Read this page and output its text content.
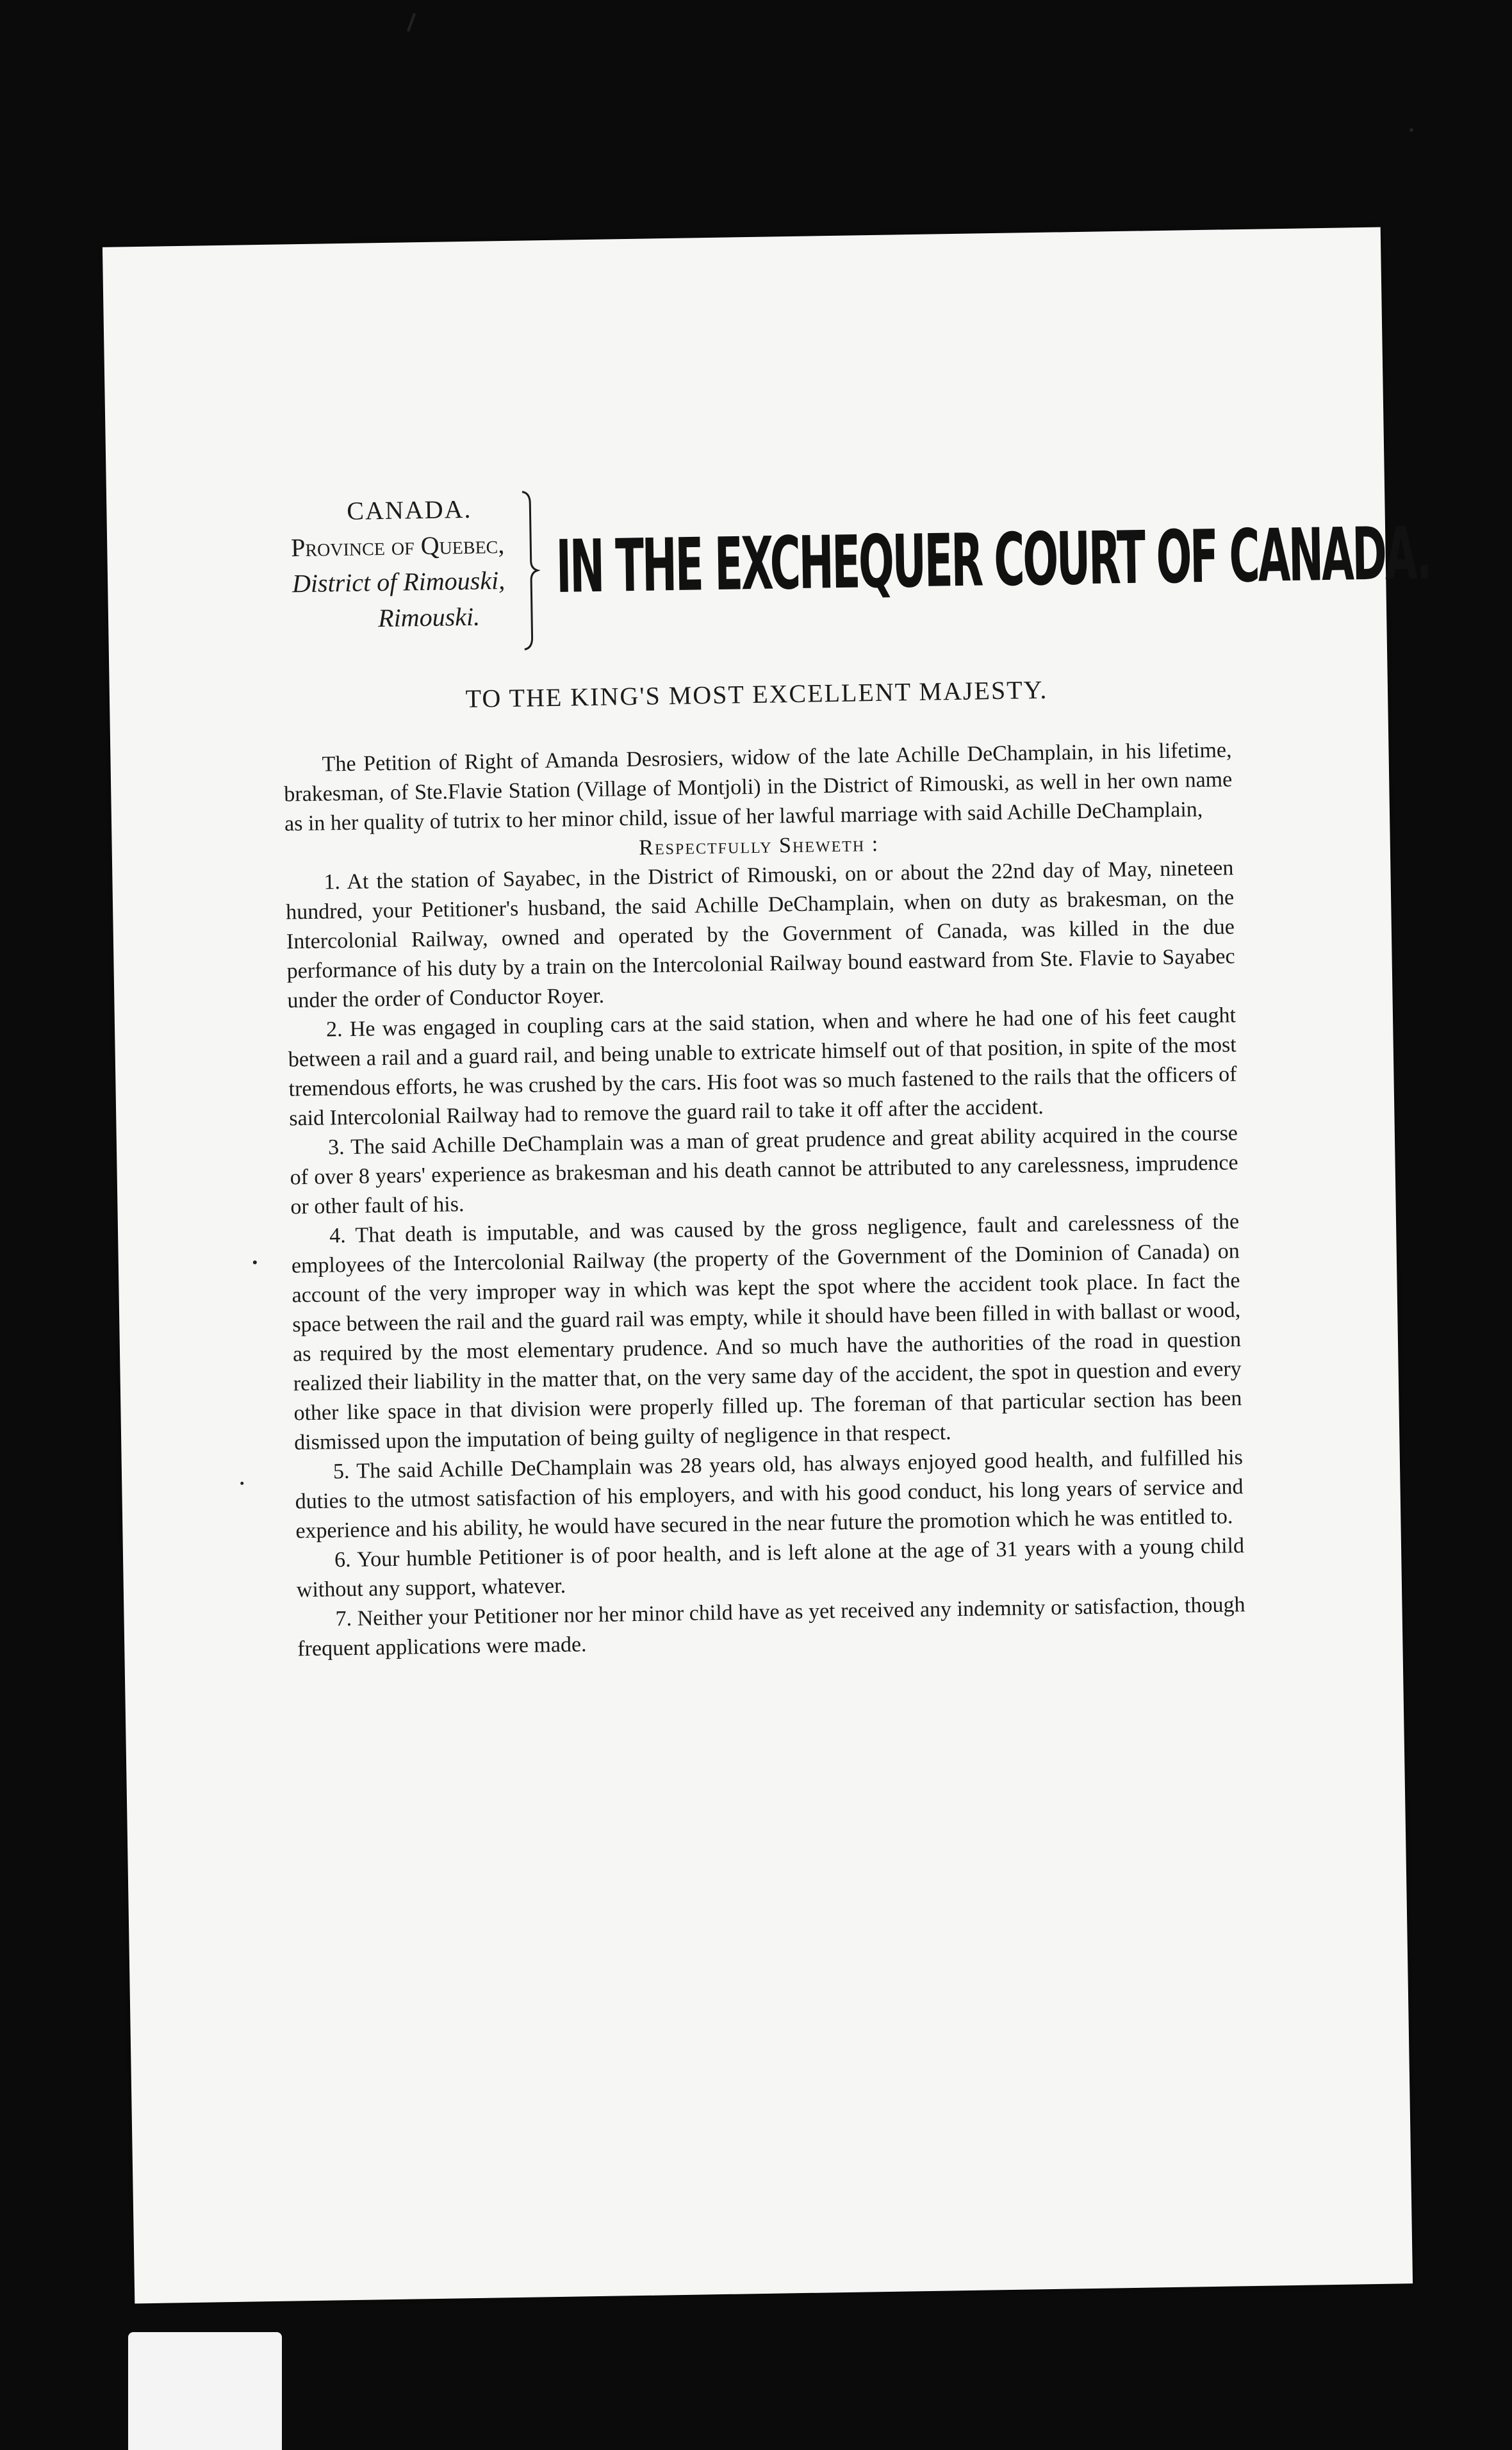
CANADA.
Province of Quebec,
District of Rimouski,
Rimouski.
IN THE EXCHEQUER COURT OF CANADA.
TO THE KING'S MOST EXCELLENT MAJESTY.

The Petition of Right of Amanda Desrosiers, widow of the late Achille DeChamplain, in his lifetime, brakesman, of Ste.Flavie Station (Village of Montjoli) in the District of Rimouski, as well in her own name as in her quality of tutrix to her minor child, issue of her lawful marriage with said Achille DeChamplain,

Respectfully Sheweth :

1. At the station of Sayabec, in the District of Rimouski, on or about the 22nd day of May, nineteen hundred, your Petitioner's husband, the said Achille DeChamplain, when on duty as brakesman, on the Intercolonial Railway, owned and operated by the Government of Canada, was killed in the due performance of his duty by a train on the Intercolonial Railway bound eastward from Ste. Flavie to Sayabec under the order of Conductor Royer.

2. He was engaged in coupling cars at the said station, when and where he had one of his feet caught between a rail and a guard rail, and being unable to extricate himself out of that position, in spite of the most tremendous efforts, he was crushed by the cars. His foot was so much fastened to the rails that the officers of said Intercolonial Railway had to remove the guard rail to take it off after the accident.

3. The said Achille DeChamplain was a man of great prudence and great ability acquired in the course of over 8 years' experience as brakesman and his death cannot be attributed to any carelessness, imprudence or other fault of his.

4. That death is imputable, and was caused by the gross negligence, fault and carelessness of the employees of the Intercolonial Railway (the property of the Government of the Dominion of Canada) on account of the very improper way in which was kept the spot where the accident took place. In fact the space between the rail and the guard rail was empty, while it should have been filled in with ballast or wood, as required by the most elementary prudence. And so much have the authorities of the road in question realized their liability in the matter that, on the very same day of the accident, the spot in question and every other like space in that division were properly filled up. The foreman of that particular section has been dismissed upon the imputation of being guilty of negligence in that respect.

5. The said Achille DeChamplain was 28 years old, has always enjoyed good health, and fulfilled his duties to the utmost satisfaction of his employers, and with his good conduct, his long years of service and experience and his ability, he would have secured in the near future the promotion which he was entitled to.

6. Your humble Petitioner is of poor health, and is left alone at the age of 31 years with a young child without any support, whatever.

7. Neither your Petitioner nor her minor child have as yet received any indemnity or satisfaction, though frequent applications were made.
